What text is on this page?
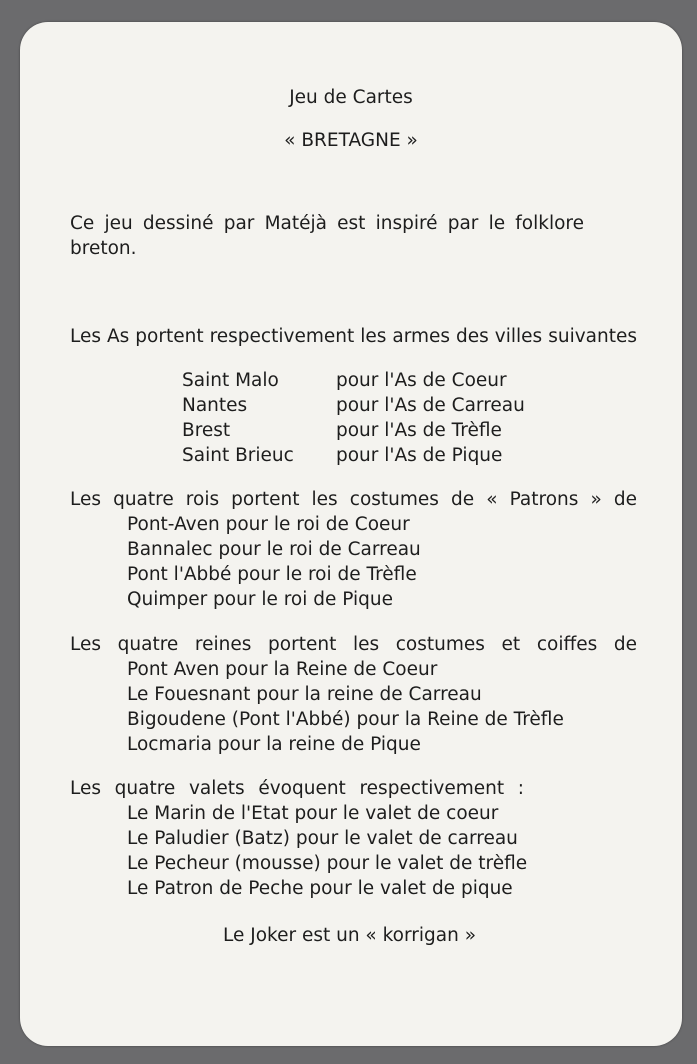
Jeu de Cartes
« BRETAGNE »
Ce jeu dessiné par Matéjà est inspiré par le folklore
breton.
Les As portent respectivement les armes des villes suivantes
Saint Malo	pour l'As de Coeur
Nantes	pour l'As de Carreau
Brest	pour l'As de Trèfle
Saint Brieuc pour l'As de Pique
Les quatre rois portent les costumes de « Patrons » de
Pont-Aven pour le roi de Coeur
Bannalec pour le roi de Carreau
Pont l'Abbé pour le roi de Trèfle
Quimper pour le roi de Pique
Les quatre reines portent les costumes et coiffes de
Pont Aven pour la Reine de Coeur
Le Fouesnant pour la reine de Carreau
Bigoudene (Pont l'Abbé) pour la Reine de Trèfle
Locmaria pour la reine de Pique
Les quatre valets évoquent respectivement :
Le Marin de l'Etat pour le valet de coeur
Le Paludier (Batz) pour le valet de carreau
Le Pecheur (mousse) pour le valet de trèfle
Le Patron de Peche pour le valet de pique
Le Joker est un « korrigan »
